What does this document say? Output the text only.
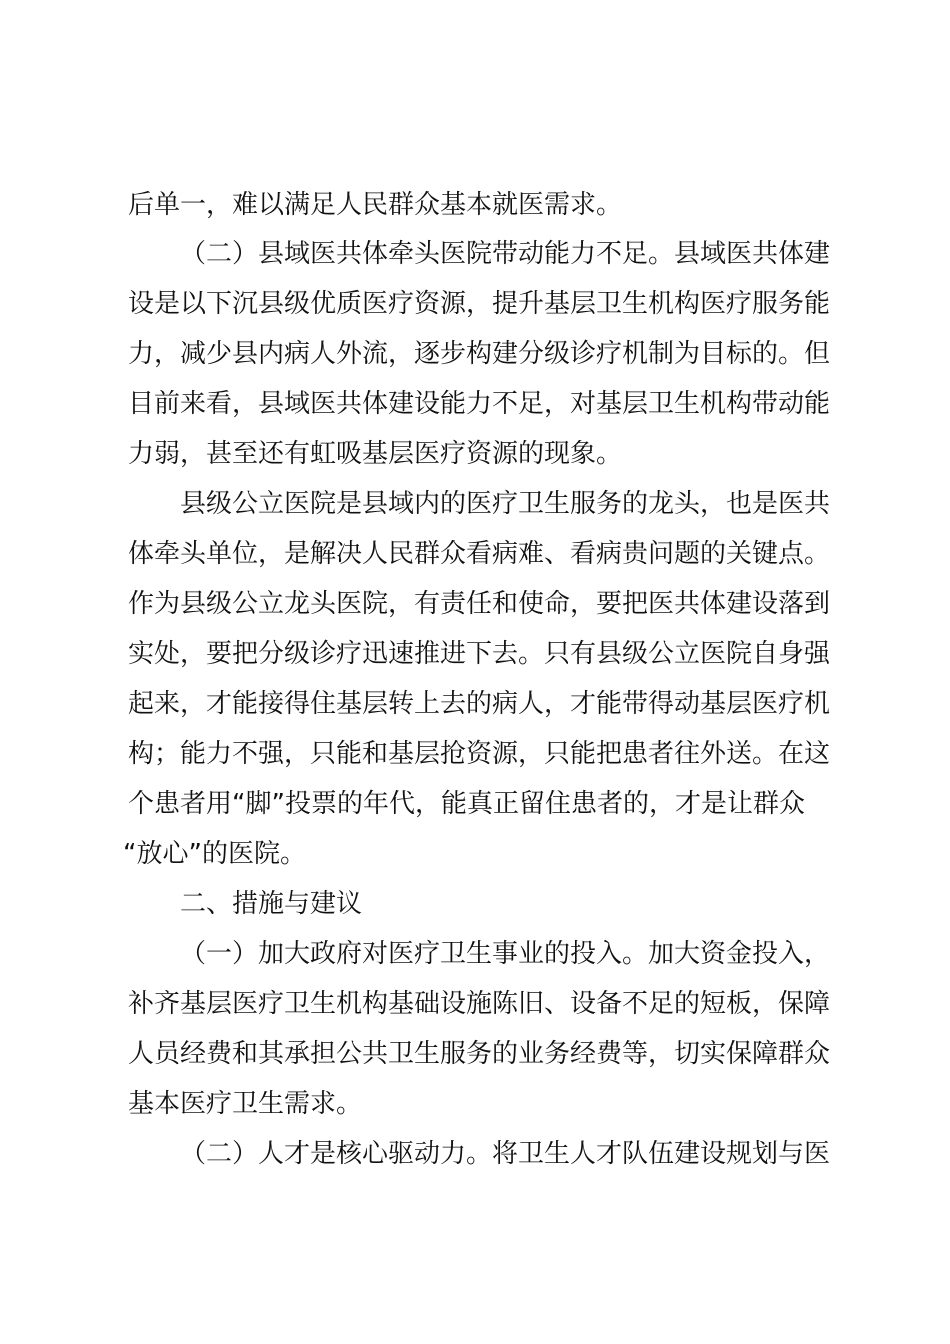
后单一，难以满足人民群众基本就医需求。

（二）县域医共体牵头医院带动能力不足。县域医共体建

设是以下沉县级优质医疗资源，提升基层卫生机构医疗服务能

力，减少县内病人外流，逐步构建分级诊疗机制为目标的。但

目前来看，县域医共体建设能力不足，对基层卫生机构带动能

力弱，甚至还有虹吸基层医疗资源的现象。

县级公立医院是县域内的医疗卫生服务的龙头，也是医共

体牵头单位，是解决人民群众看病难、看病贵问题的关键点。

作为县级公立龙头医院，有责任和使命，要把医共体建设落到

实处，要把分级诊疗迅速推进下去。只有县级公立医院自身强

起来，才能接得住基层转上去的病人，才能带得动基层医疗机

构；能力不强，只能和基层抢资源，只能把患者往外送。在这

个患者用“脚”投票的年代，能真正留住患者的，才是让群众

“放心”的医院。

二、措施与建议

（一）加大政府对医疗卫生事业的投入。加大资金投入，

补齐基层医疗卫生机构基础设施陈旧、设备不足的短板，保障

人员经费和其承担公共卫生服务的业务经费等，切实保障群众

基本医疗卫生需求。

（二）人才是核心驱动力。将卫生人才队伍建设规划与医
